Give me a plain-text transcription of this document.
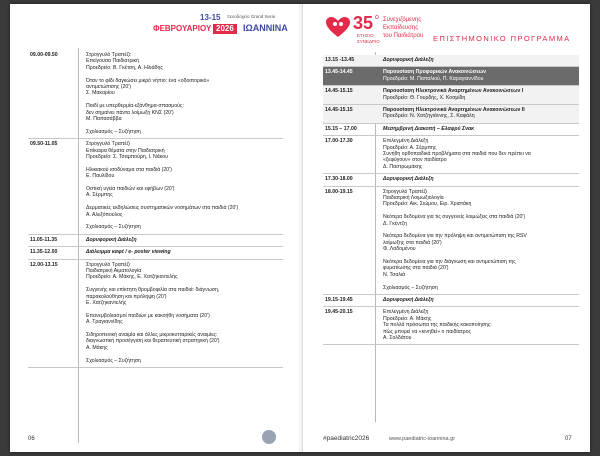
13-15 Ξενοδοχείο Grand Serai
ΦΕΒΡΟΥΑΡΙΟΥ 2026	ΙΩΑΝΝΙΝΑ
09.00-09.50	Στρογγυλό Τραπέζι:
Επείγουσα Παιδιατρική
Προεδρείο: Β. Γκέτση, Α. Ηλιάδης
Όταν το φίδι δαγκώσει μικρό νήπιο: ένα «οδοιπορικό»
αντιμετώπισης (20')
Σ. Μακαρίου
Παιδί με υπερθερμία-εξάνθημα-σπασμούς:
δεν σημαίνει πάντα λοίμωξη ΚΝΣ (20')
Μ. Παπασάββα
Σχολιασμός – Συζήτηση
09.50-11.05	Στρογγυλό Τραπέζι
Επίκαιρα θέματα στην Παιδιατρική
Προεδρείο: Σ. Τσαμπούρη, Ι. Νάκου
Ηλικιακού ισοδύναμα στα παιδιά (20')
Ε. Παυλίδου
Οστική υγεία παιδιών και εφήβων (20')
Α. Σέρμπης
Δερματικές εκδηλώσεις συστηματικών νοσημάτων στα παιδιά (20')
Α. Αλεξόπουλος
Σχολιασμός – Συζήτηση
11.05-11.35	Δορυφορική Διάλεξη
11.35-12.00	Διάλειμμα καφέ / e- poster viewing
12.00-13.15	Στρογγυλό Τραπέζι
Παιδιατρική Αιματολογία
Προεδρείο: Α. Μάκης, Ε. Χατζηκαντελής
Συγγενής και επίκτητη θρομβοφιλία στα παιδιά: διάγνωση,
παρακολούθηση και πρόληψη (20')
Ε. Χατζηκαντελής
Επανεμβολιασμοί παιδιών με κακοήθη νοσήματα (20')
Α. Τραγιαννίδης
Σιδηροπενική αναιμία και άλλες μικροκυτταρικές αναιμίες:
διαγνωστική προσέγγιση και θεραπευτική στρατηγική (20')
Α. Μάκης
Σχολιασμός – Συζήτηση
06
35 ο
ΕΤΗΣΙΟ
ΣΥΝΕΔΡΙΟ
Συνεχιζόμενης
Εκπαίδευσης
του Παιδιάτρου ΕΠΙΣΤΗΜΟΝΙΚΟ ΠΡΟΓΡΑΜΜΑ
13.15 -13.45	Δορυφορική Διάλεξη
13.45-14.45	Παρουσίαση Προφορικών Ανακοινώσεων
Προεδρείο: Μ. Παπαλιού, Π. Καραγιαννίδου
14.45-15.15	Παρουσίαση Ηλεκτρονικά Αναρτημένων Ανακοινώσεων I
Προεδρείο: Θ. Γουρδής, Χ. Κοσμίδη
14.45-15.15	Παρουσίαση Ηλεκτρονικά Αναρτημένων Ανακοινώσεων II
Προεδρείο: Ν. Χατζηγιάννης, Σ. Καφάλη
15.15 – 17.00	Μεσημβρινή Διακοπή – Ελαφρύ Σνακ
17.00-17.30	Επιλεγμένη Διάλεξη
Προεδρείο: Α. Σέρμπης
Συνήθη ορθοπαιδικά προβλήματα στα παιδιά που δεν πρέπει να
«ξεφύγουν» στον παιδίατρο
Δ. Παστρωμάκης
17.30-18.00	Δορυφορική Διάλεξη
18.00-19.15	Στρογγυλό Τραπέζι
Παιδιατρική Λοιμωξιολογία
Προεδρείο: Αικ. Σιώμου, Ειρ. Χριστάκη
Νεότερα δεδομένα για τις συγγενείς λοιμώξεις στα παιδιά (20')
Δ. Γκέντζη
Νεότερα δεδομένα για την πρόληψη και αντιμετώπιση της RSV
λοίμωξης στα παιδιά (20')
Φ. Λαδομένου
Νεότερα δεδομένα για την διάγνωση και αντιμετώπιση της
φυματίωσης στα παιδιά (20')
Ν. Τσαλιά
Σχολιασμός – Συζήτηση
19.15-19.45	Δορυφορική Διάλεξη
19.45-20.15	Επιλεγμένη Διάλεξη
Προεδρείο: Α. Μάκης
Τα πολλά πρόσωπα της παιδικής κακοποίησης:
πώς μπορεί να «κινηθεί» ο παιδίατρος
Α. Σολδάτου
#paediatric2026	www.paediatric-ioannina.gr	07
